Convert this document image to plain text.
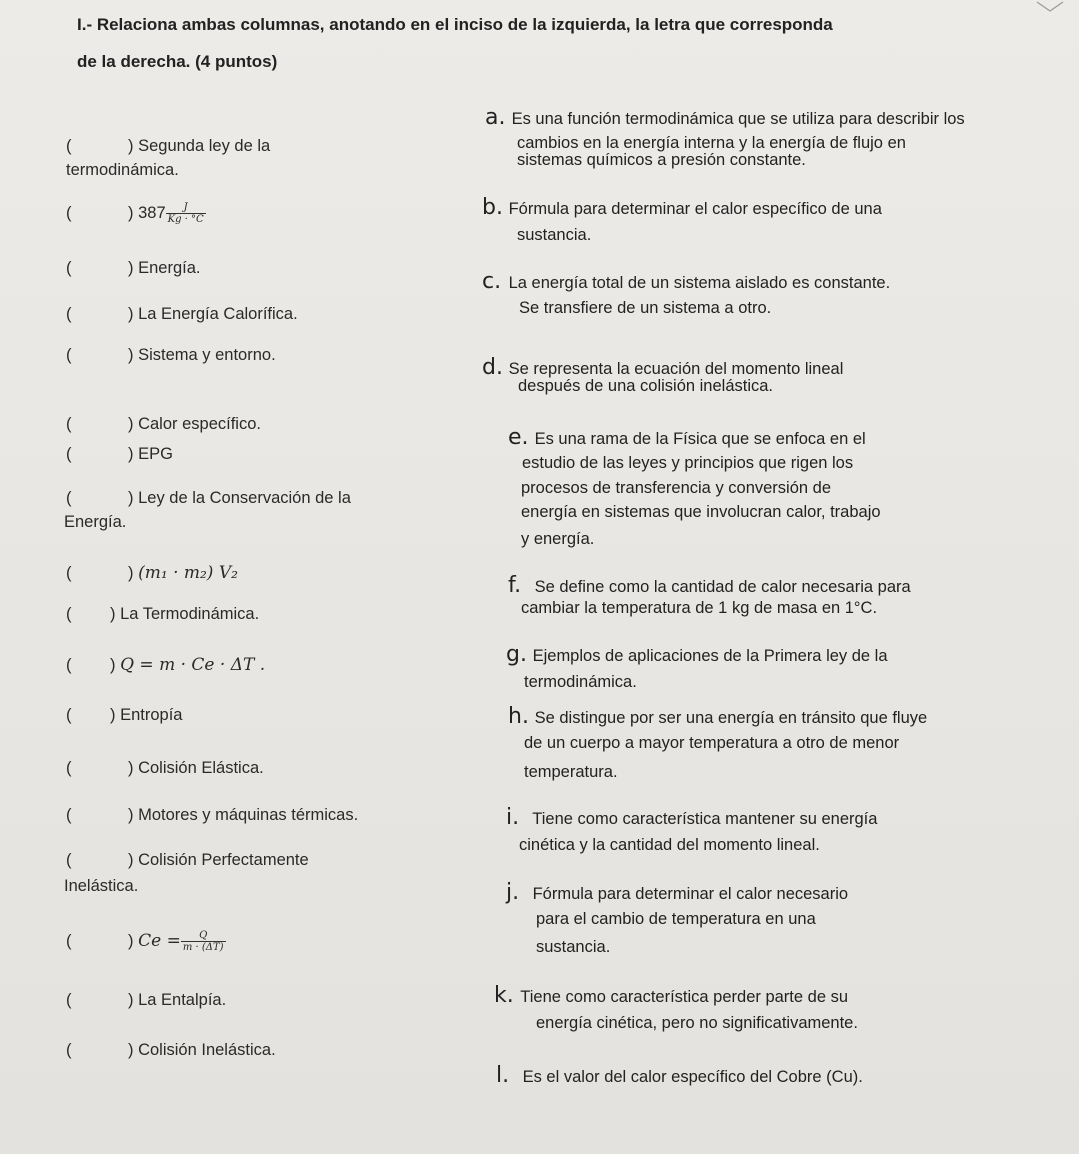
I.- Relaciona ambas columnas, anotando en el inciso de la izquierda, la letra que corresponda
de la derecha. (4 puntos)
(	) Segunda ley de la
termodinámica.
(	) $387 \frac{J}{Kg \cdot ^\circ C}$
(	) Energía.
(	) La Energía Calorífica.
(	) Sistema y entorno.
(	) Calor específico.
(	) EPG
(	) Ley de la Conservación de la
Energía.
(	) (m₁ · m₂) V₂
( ) La Termodinámica.
( ) Q = m · Ce · ΔT .
( ) Entropía
(	) Colisión Elástica.
(	) Motores y máquinas térmicas.
(	) Colisión Perfectamente
Inelástica.
(	) $Ce = \frac{Q}{m \cdot (\Delta T)}$
(	) La Entalpía.
(	) Colisión Inelástica.
a. Es una función termodinámica que se utiliza para describir los
cambios en la energía interna y la energía de flujo en
sistemas químicos a presión constante.
b. Fórmula para determinar el calor específico de una
sustancia.
c. La energía total de un sistema aislado es constante.
Se transfiere de un sistema a otro.
d. Se representa la ecuación del momento lineal
después de una colisión inelástica.
e. Es una rama de la Física que se enfoca en el
estudio de las leyes y principios que rigen los
procesos de transferencia y conversión de
energía en sistemas que involucran calor, trabajo
y energía.
f. Se define como la cantidad de calor necesaria para
cambiar la temperatura de 1 kg de masa en 1°C.
g. Ejemplos de aplicaciones de la Primera ley de la
termodinámica.
h. Se distingue por ser una energía en tránsito que fluye
de un cuerpo a mayor temperatura a otro de menor
temperatura.
i. Tiene como característica mantener su energía
cinética y la cantidad del momento lineal.
j. Fórmula para determinar el calor necesario
para el cambio de temperatura en una
sustancia.
k. Tiene como característica perder parte de su
energía cinética, pero no significativamente.
l. Es el valor del calor específico del Cobre (Cu).
